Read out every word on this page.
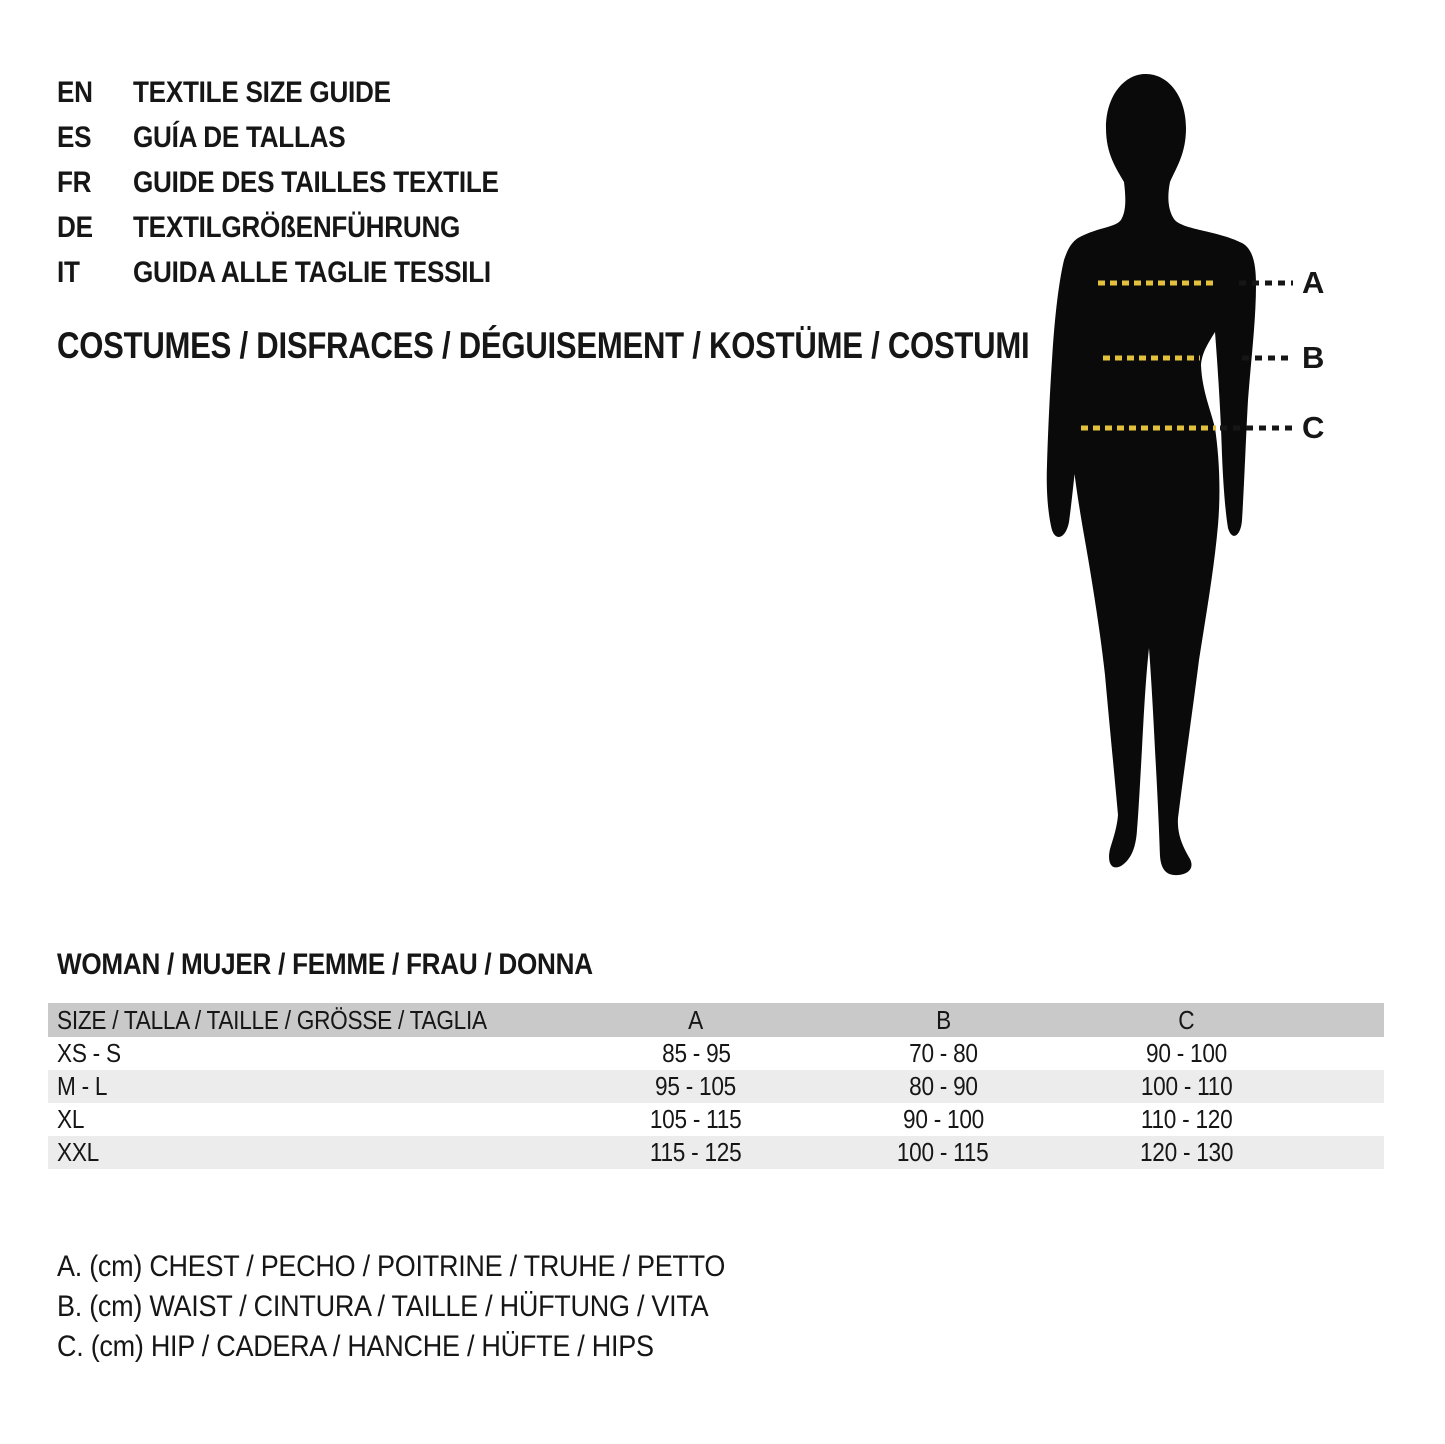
EN TEXTILE SIZE GUIDE
ES GUÍA DE TALLAS
FR GUIDE DES TAILLES TEXTILE
DE TEXTILGRÖßENFÜHRUNG
IT GUIDA ALLE TAGLIE TESSILI
COSTUMES / DISFRACES / DÉGUISEMENT / KOSTÜME / COSTUMI
A
B
C
WOMAN / MUJER / FEMME / FRAU / DONNA
SIZE / TALLA / TAILLE / GRÖSSE / TAGLIA	A	B	C
XS - S	85 - 95	70 - 80	90 - 100
M - L	95 - 105	80 - 90	100 - 110
XL	105 - 115	90 - 100	110 - 120
XXL	115 - 125	100 - 115	120 - 130
A. (cm) CHEST / PECHO / POITRINE / TRUHE / PETTO
B. (cm) WAIST / CINTURA / TAILLE / HÜFTUNG / VITA
C. (cm) HIP / CADERA / HANCHE / HÜFTE / HIPS
